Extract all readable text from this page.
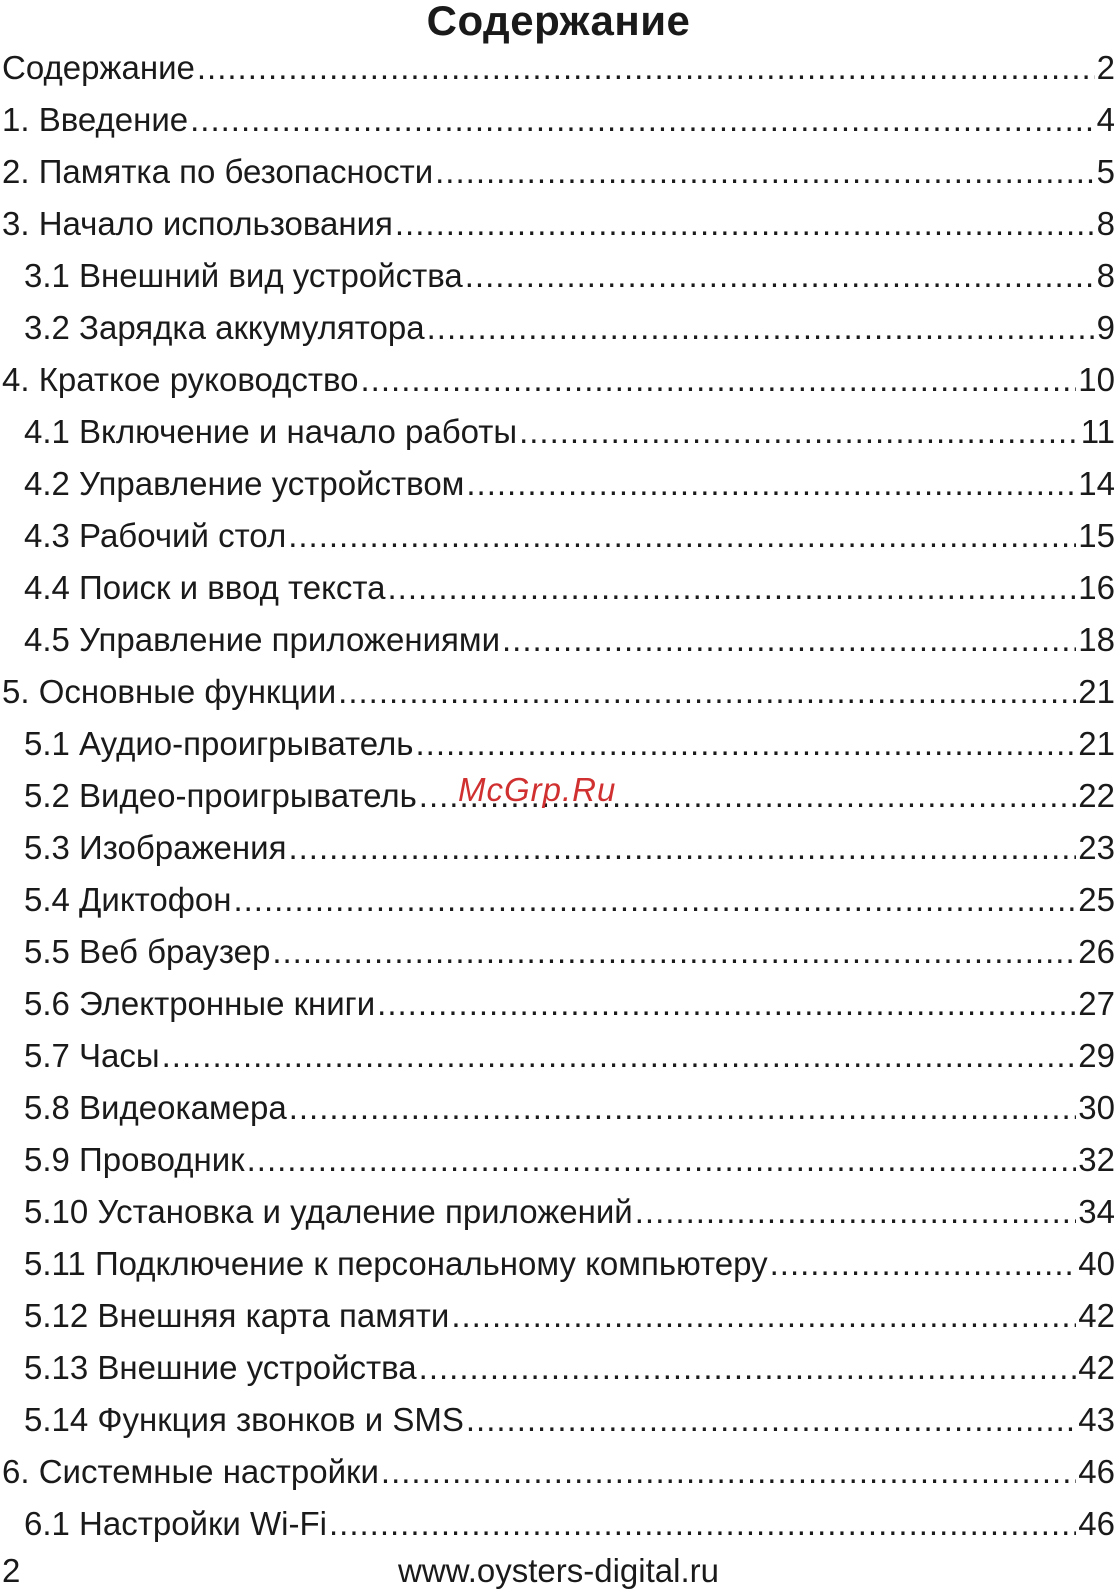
Содержание
Содержание .....	2
1. Введение .....	4
2. Памятка по безопасности .....	5
3. Начало использования .....	8
3.1 Внешний вид устройства .....	8
3.2 Зарядка аккумулятора .....	9
4. Краткое руководство .....	10
4.1 Включение и начало работы .....	11
4.2 Управление устройством .....	14
4.3 Рабочий стол .....	15
4.4 Поиск и ввод текста .....	16
4.5 Управление приложениями .....	18
5. Основные функции .....	21
5.1 Аудио-проигрыватель .....	21
5.2 Видео-проигрыватель .....	22
5.3 Изображения .....	23
5.4 Диктофон .....	25
5.5 Веб браузер .....	26
5.6 Электронные книги .....	27
5.7 Часы .....	29
5.8 Видеокамера .....	30
5.9 Проводник .....	32
5.10 Установка и удаление приложений .....	34
5.11 Подключение к персональному компьютеру .....	40
5.12 Внешняя карта памяти .....	42
5.13 Внешние устройства .....	42
5.14 Функция звонков и SMS .....	43
6. Системные настройки .....	46
6.1 Настройки Wi-Fi .....	46
McGrp.Ru
www.oysters-digital.ru
2
